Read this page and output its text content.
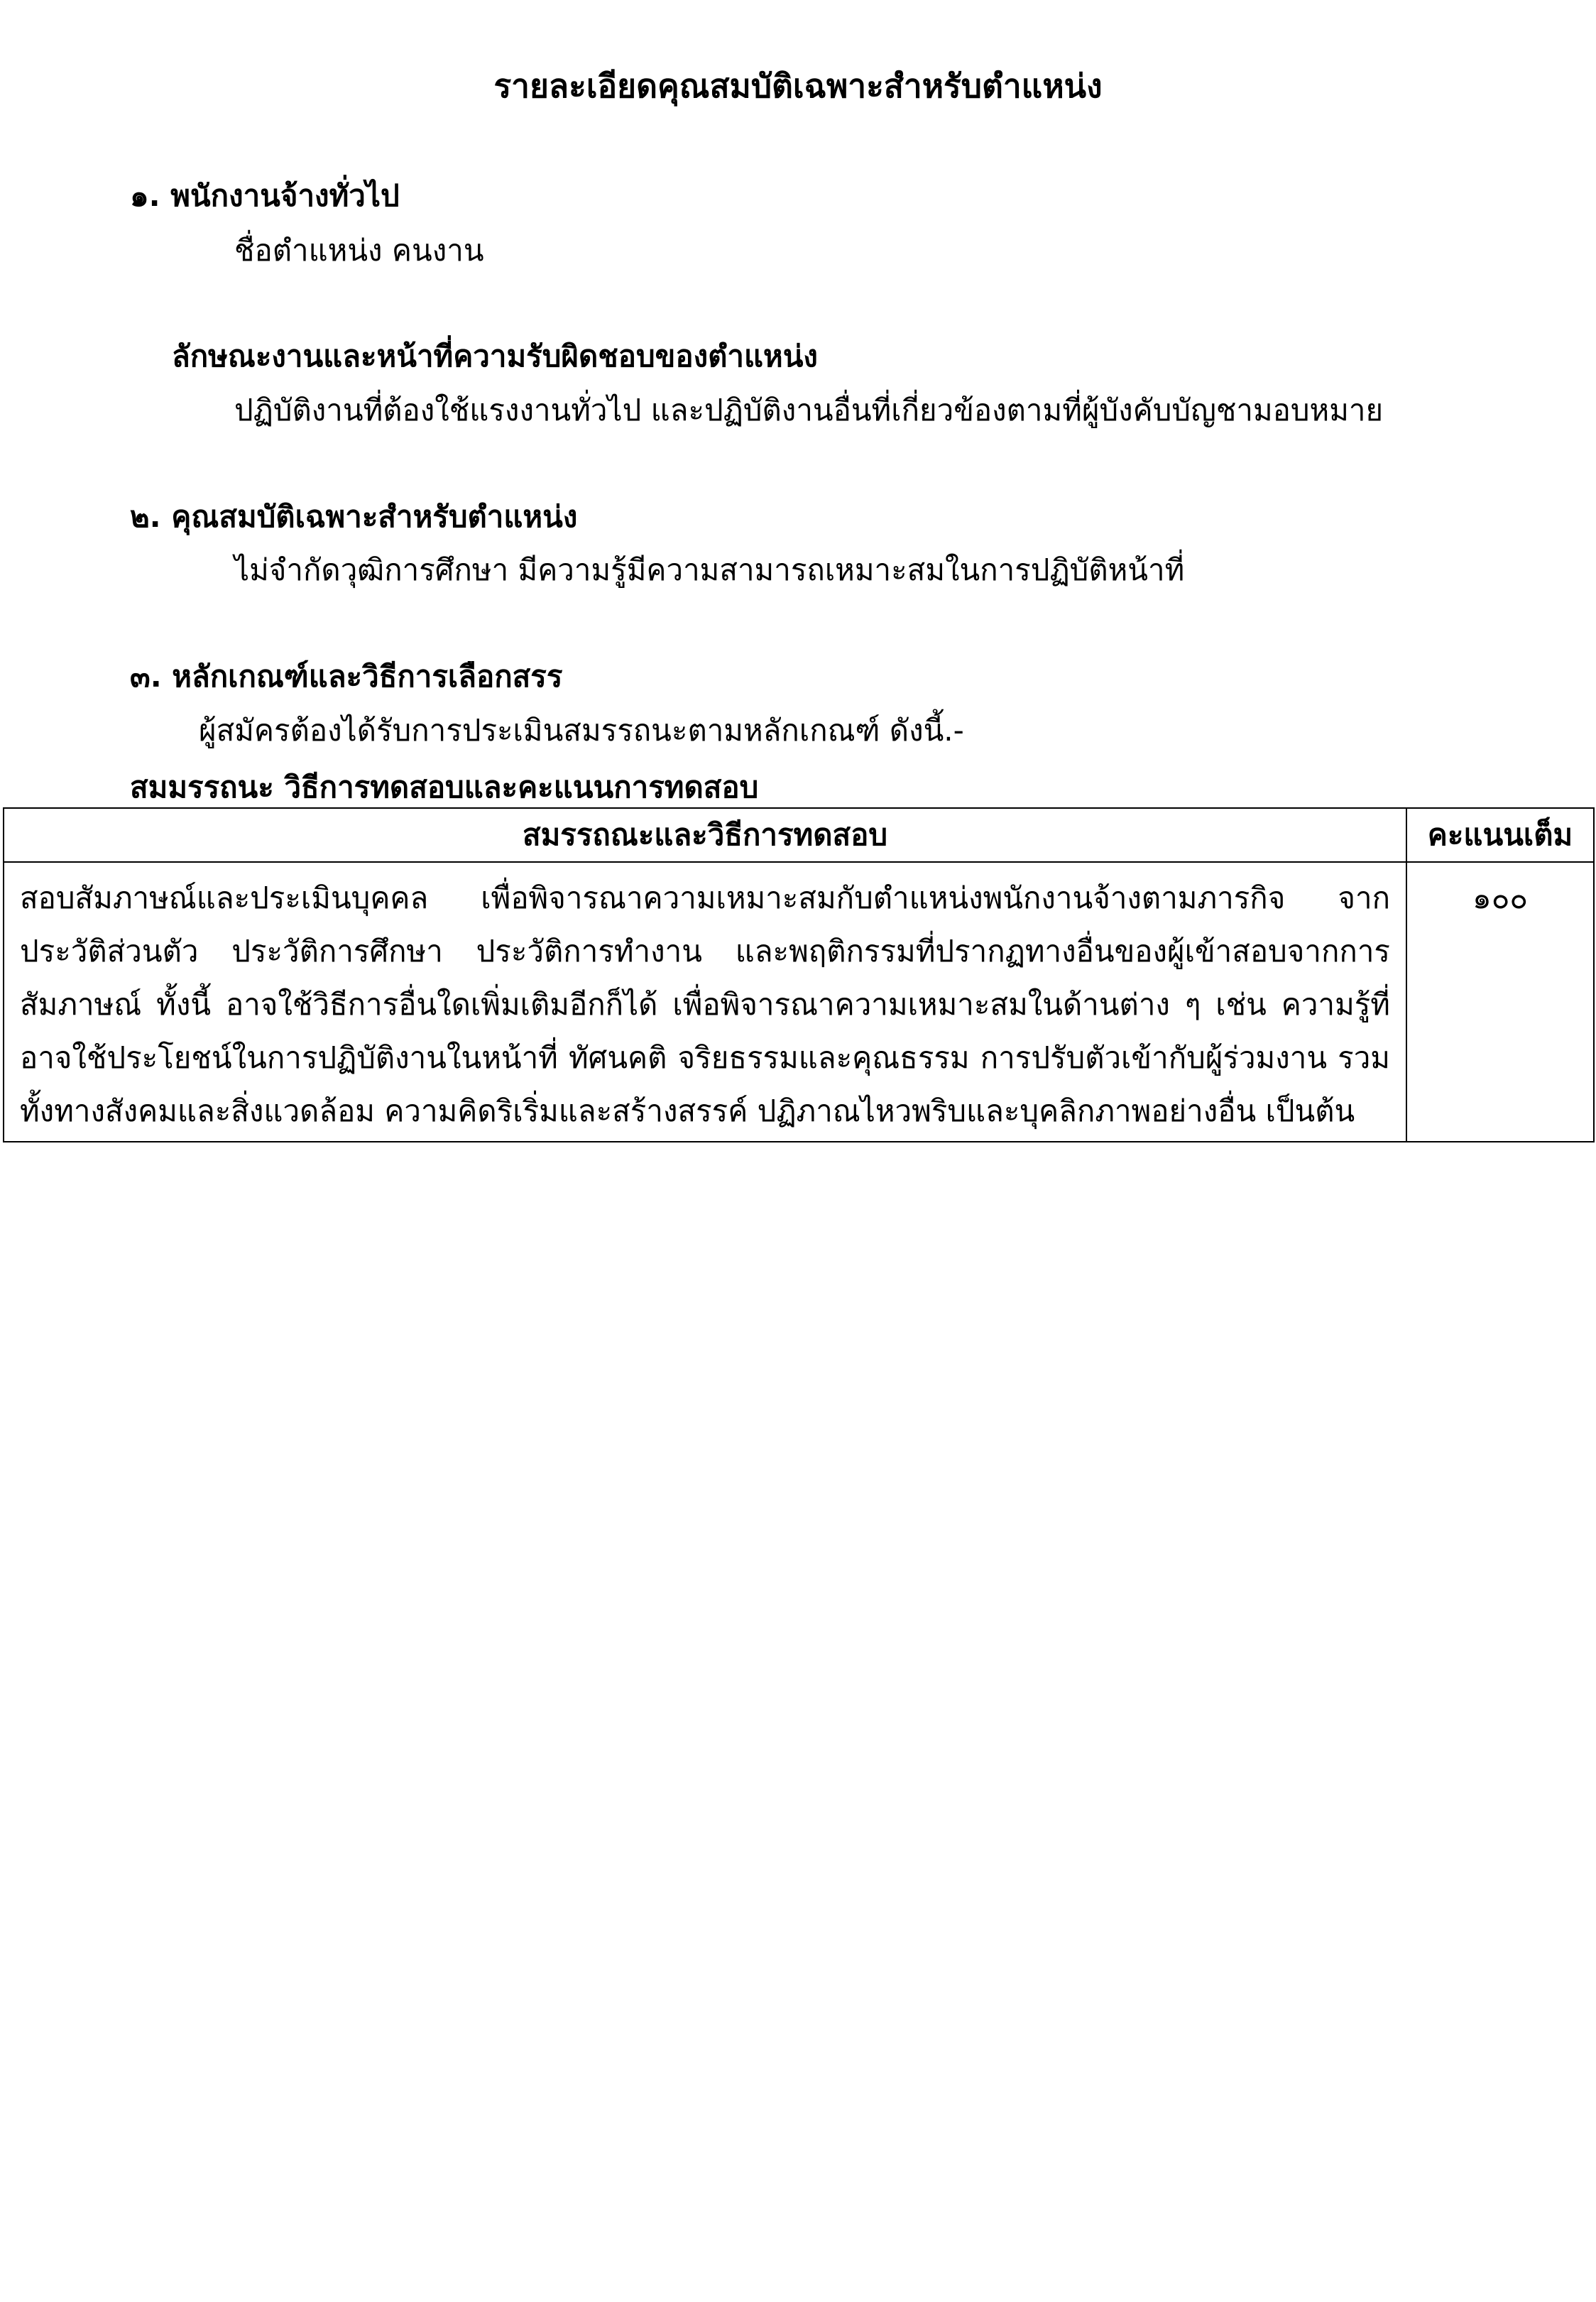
รายละเอียดคุณสมบัติเฉพาะสำหรับตำแหน่ง
๑. พนักงานจ้างทั่วไป
ชื่อตำแหน่ง คนงาน
ลักษณะงานและหน้าที่ความรับผิดชอบของตำแหน่ง
ปฏิบัติงานที่ต้องใช้แรงงานทั่วไป และปฏิบัติงานอื่นที่เกี่ยวข้องตามที่ผู้บังคับบัญชามอบหมาย
๒. คุณสมบัติเฉพาะสำหรับตำแหน่ง
ไม่จำกัดวุฒิการศึกษา มีความรู้มีความสามารถเหมาะสมในการปฏิบัติหน้าที่
๓. หลักเกณฑ์และวิธีการเลือกสรร
ผู้สมัครต้องได้รับการประเมินสมรรถนะตามหลักเกณฑ์ ดังนี้.-
สมมรรถนะ วิธีการทดสอบและคะแนนการทดสอบ
สมรรถณะและวิธีการทดสอบ	คะแนนเต็ม
สอบสัมภาษณ์และประเมินบุคคล เพื่อพิจารณาความเหมาะสมกับตำแหน่งพนักงานจ้างตามภารกิจ จากประวัติส่วนตัว ประวัติการศึกษา ประวัติการทำงาน และพฤติกรรมที่ปรากฏทางอื่นของผู้เข้าสอบจากการสัมภาษณ์ ทั้งนี้ อาจใช้วิธีการอื่นใดเพิ่มเติมอีกก็ได้ เพื่อพิจารณาความเหมาะสมในด้านต่าง ๆ เช่น ความรู้ที่อาจใช้ประโยชน์ในการปฏิบัติงานในหน้าที่ ทัศนคติ จริยธรรมและคุณธรรม การปรับตัวเข้ากับผู้ร่วมงาน รวมทั้งทางสังคมและสิ่งแวดล้อม ความคิดริเริ่มและสร้างสรรค์ ปฏิภาณไหวพริบและบุคลิกภาพอย่างอื่น เป็นต้น	๑๐๐
